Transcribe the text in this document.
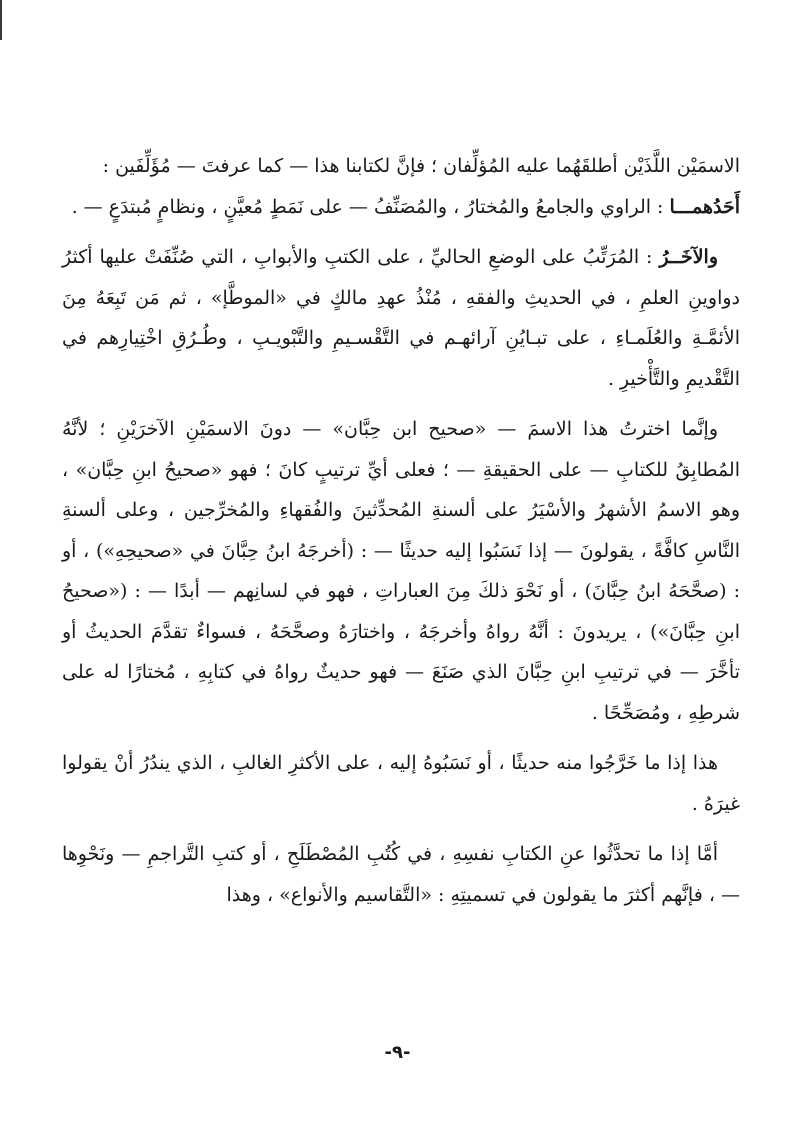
الاسمَيْن اللَّذَيْن أطلقَهُما عليه المُؤلِّفان ؛ فإنَّ لكتابنا هذا — كما عرفتَ — مُؤَلِّفَين :

أَحَدُهمـــا : الراوي والجامعُ والمُختارُ ، والمُصَنِّفُ — على نَمَطٍ مُعيَّنٍ ، ونظامٍ مُبتدَعٍ — .

والآخَــرُ : المُرَتِّبُ على الوضعِ الحاليِّ ، على الكتبِ والأبوابِ ، التي صُنِّفَتْ عليها أكثرُ دواوينِ العلمِ ، في الحديثِ والفقهِ ، مُنْذُ عهدِ مالكٍ في «الموطَّإ» ، ثم مَن تَبِعَهُ مِنَ الأئمَّـةِ والعُلَمـاءِ ، على تبـايُنِ آرائهـم في التَّقْسـيمِ والتَّبْويـبِ ، وطُـرُقِ اخْتِيارِهم في التَّقْديمِ والتَّأْخيرِ .

وإنَّما اخترتُ هذا الاسمَ — «صحيح ابن حِبَّان» — دونَ الاسمَيْنِ الآخرَيْنِ ؛ لأنَّهُ المُطابِقُ للكتابِ — على الحقيقةِ — ؛ فعلى أيِّ ترتيبٍ كانَ ؛ فهو «صحيحُ ابنِ حِبَّان» ، وهو الاسمُ الأشهرُ والأسْيَرُ على ألسنةِ المُحدِّثينَ والفُقهاءِ والمُخرِّجين ، وعلى ألسنةِ النَّاسِ كافَّةً ، يقولونَ — إذا نَسَبُوا إليه حديثًا — : (أخرجَهُ ابنُ حِبَّانَ في «صحيحِهِ») ، أو : (صحَّحَهُ ابنُ حِبَّانَ) ، أو نَحْوَ ذلكَ مِنَ العباراتِ ، فهو في لسانِهم — أبدًا — : («صحيحُ ابنِ حِبَّانَ») ، يريدونَ : أنَّهُ رواهُ وأخرجَهُ ، واختارَهُ وصحَّحَهُ ، فسواءٌ تقدَّمَ الحديثُ أو تأخَّرَ — في ترتيبِ ابنِ حِبَّانَ الذي صَنَعَ — فهو حديثٌ رواهُ في كتابِهِ ، مُختارًا له على شرطِهِ ، ومُصَحِّحًا .

هذا إذا ما خَرَّجُوا منه حديثًا ، أو نَسَبُوهُ إليه ، على الأكثرِ الغالبِ ، الذي يندُرُ أنْ يقولوا غيرَهُ .

أمَّا إذا ما تحدَّثُوا عنِ الكتابِ نفسِهِ ، في كُتُبِ المُصْطَلَحِ ، أو كتبِ التَّراجمِ — ونَحْوِها — ، فإنَّهم أكثرَ ما يقولون في تسميتِهِ : «التَّقاسيم والأنواع» ، وهذا

-٩-
